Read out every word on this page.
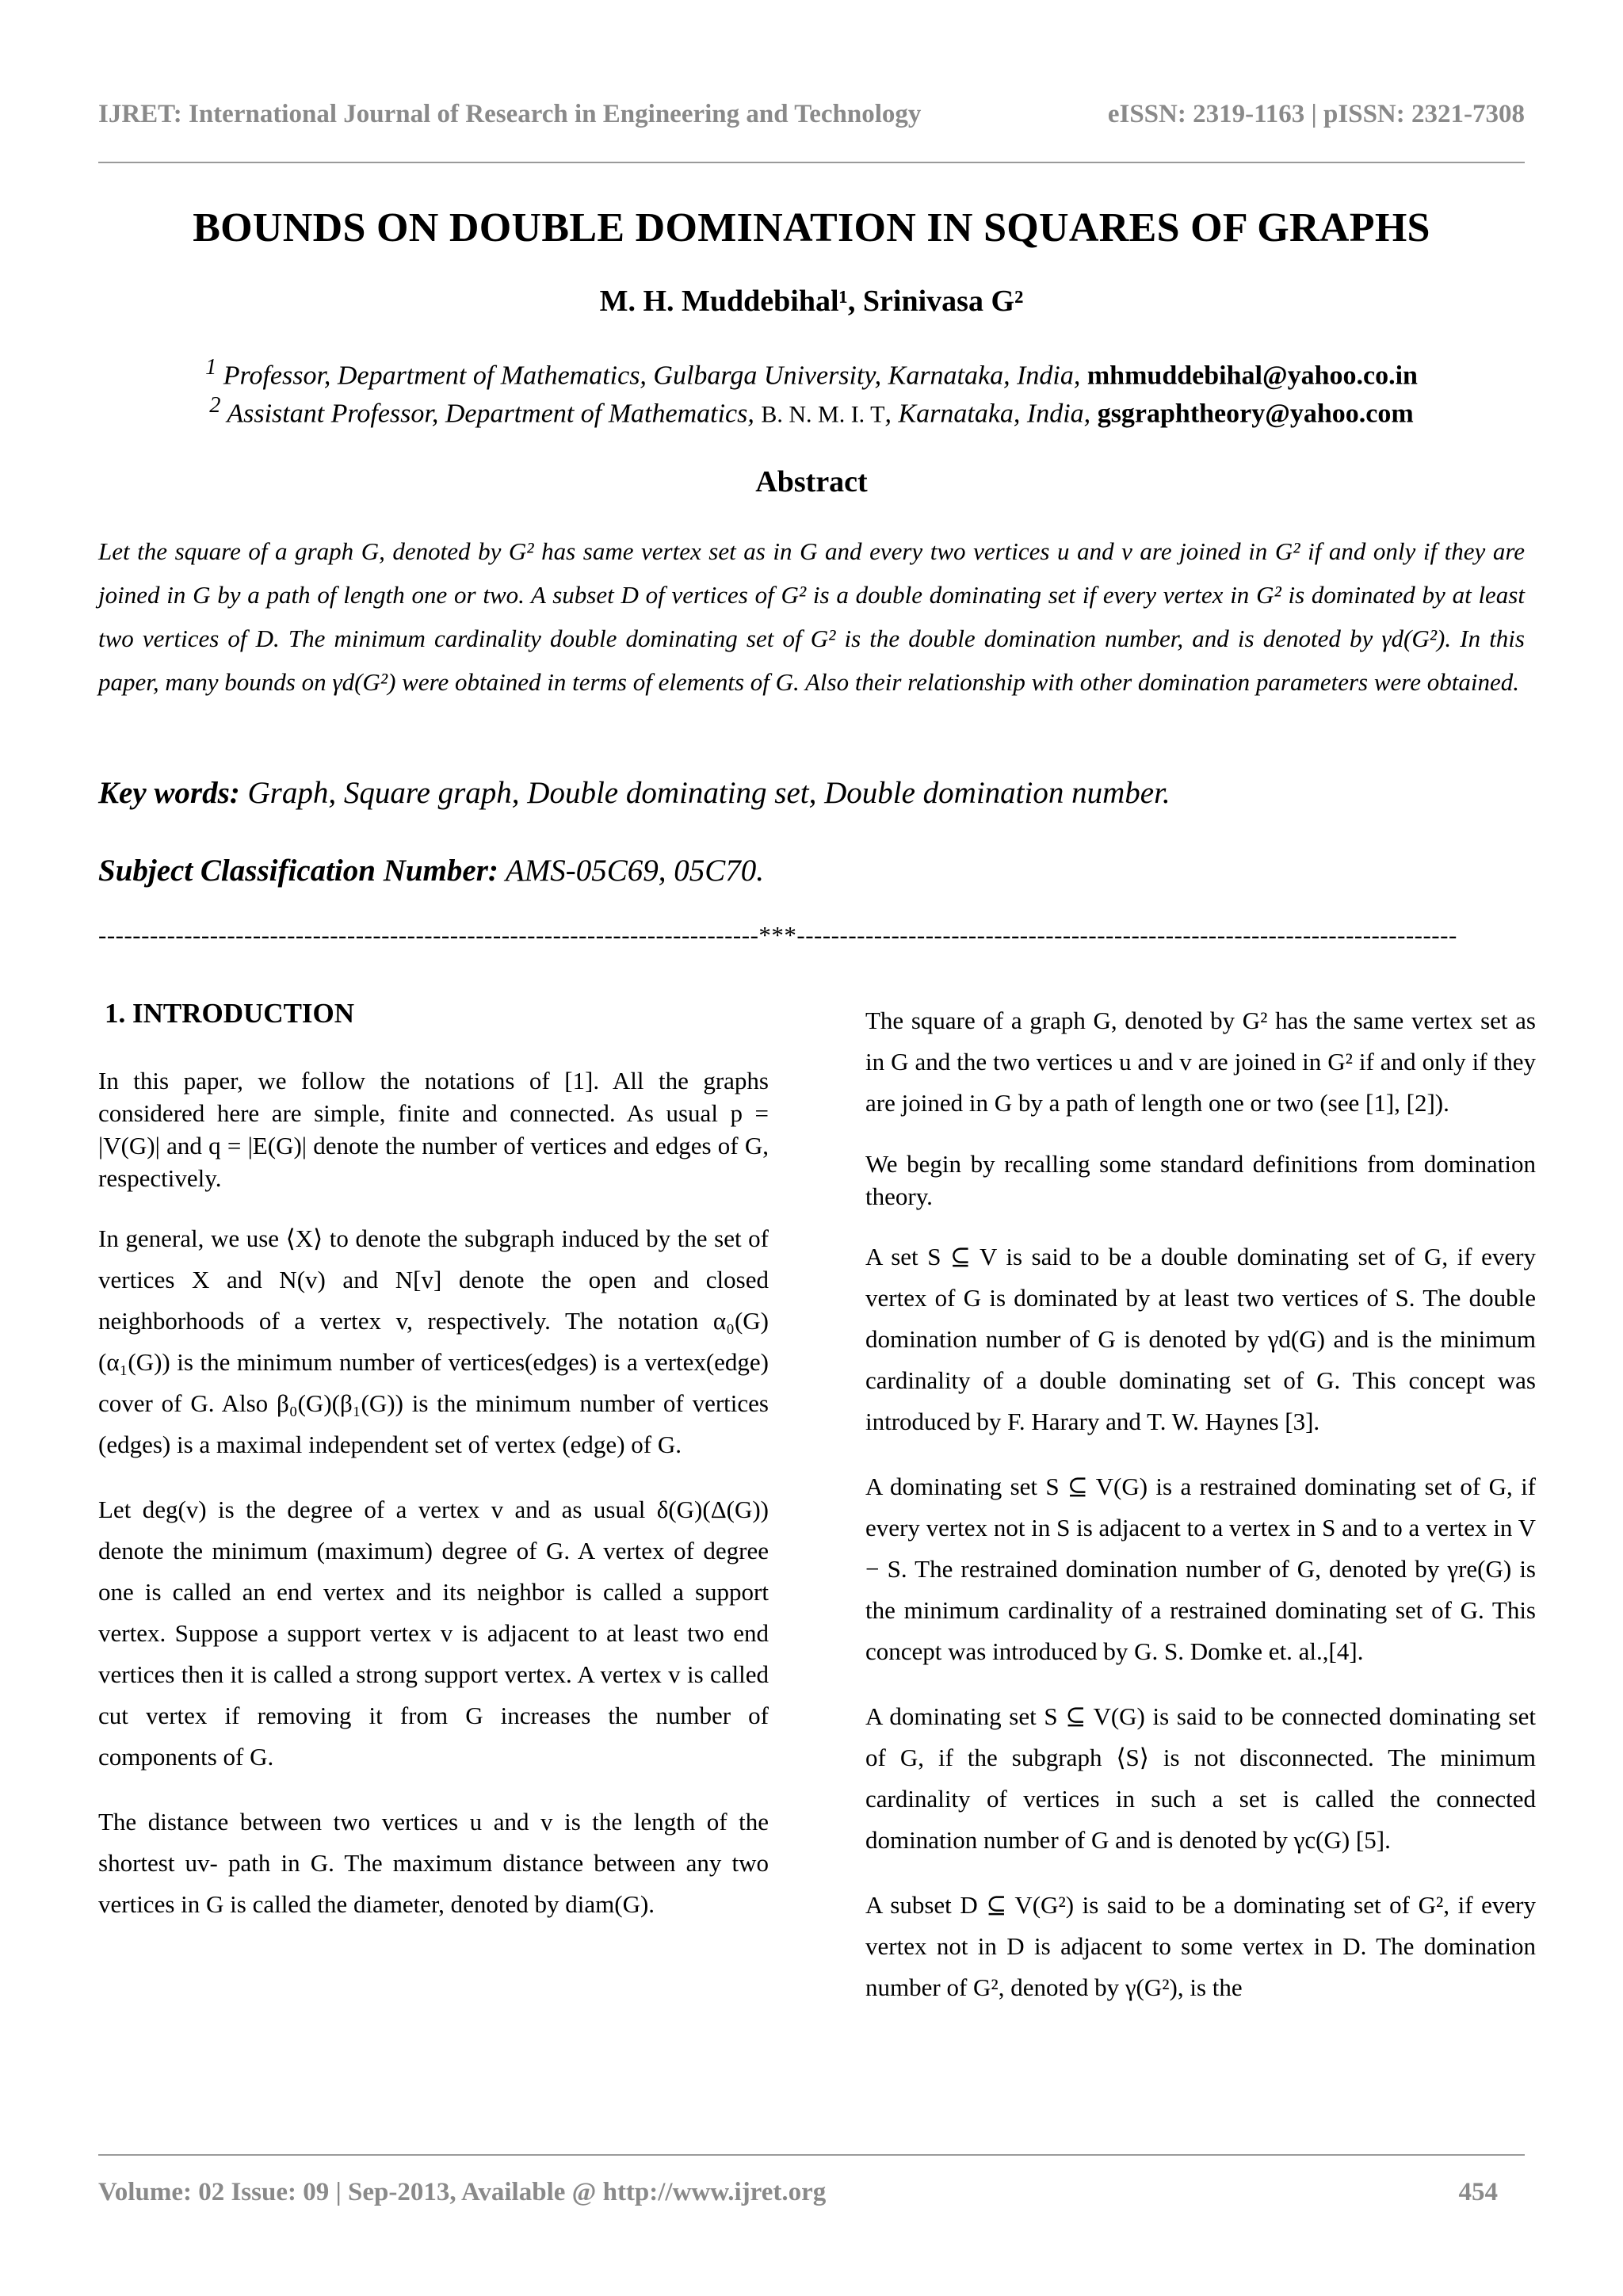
IJRET: International Journal of Research in Engineering and Technology	eISSN: 2319-1163 | pISSN: 2321-7308
BOUNDS ON DOUBLE DOMINATION IN SQUARES OF GRAPHS
M. H. Muddebihal¹, Srinivasa G²
$^1$ Professor, Department of Mathematics, Gulbarga University, Karnataka, India, mhmuddebihal@yahoo.co.in
$^2$ Assistant Professor, Department of Mathematics, B. N. M. I. T, Karnataka, India, gsgraphtheory@yahoo.com
Abstract
Let the square of a graph G, denoted by G² has same vertex set as in G and every two vertices u and v are joined in G² if and only if they are joined in G by a path of length one or two. A subset D of vertices of G² is a double dominating set if every vertex in G² is dominated by at least two vertices of D. The minimum cardinality double dominating set of G² is the double domination number, and is denoted by γd(G²). In this paper, many bounds on γd(G²) were obtained in terms of elements of G. Also their relationship with other domination parameters were obtained.
Key words: Graph, Square graph, Double dominating set, Double domination number.
Subject Classification Number: AMS-05C69, 05C70.
-----------------------------------------------------------------------------***-----------------------------------------------------------------------------
1. INTRODUCTION

In this paper, we follow the notations of [1]. All the graphs considered here are simple, finite and connected. As usual p = |V(G)| and q = |E(G)| denote the number of vertices and edges of G, respectively.

In general, we use ⟨X⟩ to denote the subgraph induced by the set of vertices X and N(v) and N[v] denote the open and closed neighborhoods of a vertex v, respectively. The notation α₀(G)(α₁(G)) is the minimum number of vertices(edges) is a vertex(edge) cover of G. Also β₀(G)(β₁(G)) is the minimum number of vertices (edges) is a maximal independent set of vertex (edge) of G.

Let deg(v) is the degree of a vertex v and as usual δ(G)(Δ(G)) denote the minimum (maximum) degree of G. A vertex of degree one is called an end vertex and its neighbor is called a support vertex. Suppose a support vertex v is adjacent to at least two end vertices then it is called a strong support vertex. A vertex v is called cut vertex if removing it from G increases the number of components of G.

The distance between two vertices u and v is the length of the shortest uv- path in G. The maximum distance between any two vertices in G is called the diameter, denoted by diam(G).

The square of a graph G, denoted by G² has the same vertex set as in G and the two vertices u and v are joined in G² if and only if they are joined in G by a path of length one or two (see [1], [2]).

We begin by recalling some standard definitions from domination theory.

A set S ⊆ V is said to be a double dominating set of G, if every vertex of G is dominated by at least two vertices of S. The double domination number of G is denoted by γd(G) and is the minimum cardinality of a double dominating set of G. This concept was introduced by F. Harary and T. W. Haynes [3].

A dominating set S ⊆ V(G) is a restrained dominating set of G, if every vertex not in S is adjacent to a vertex in S and to a vertex in V − S. The restrained domination number of G, denoted by γre(G) is the minimum cardinality of a restrained dominating set of G. This concept was introduced by G. S. Domke et. al.,[4].

A dominating set S ⊆ V(G) is said to be connected dominating set of G, if the subgraph ⟨S⟩ is not disconnected. The minimum cardinality of vertices in such a set is called the connected domination number of G and is denoted by γc(G) [5].

A subset D ⊆ V(G²) is said to be a dominating set of G², if every vertex not in D is adjacent to some vertex in D. The domination number of G², denoted by γ(G²), is the

Volume: 02 Issue: 09 | Sep-2013, Available @ http://www.ijret.org	454
